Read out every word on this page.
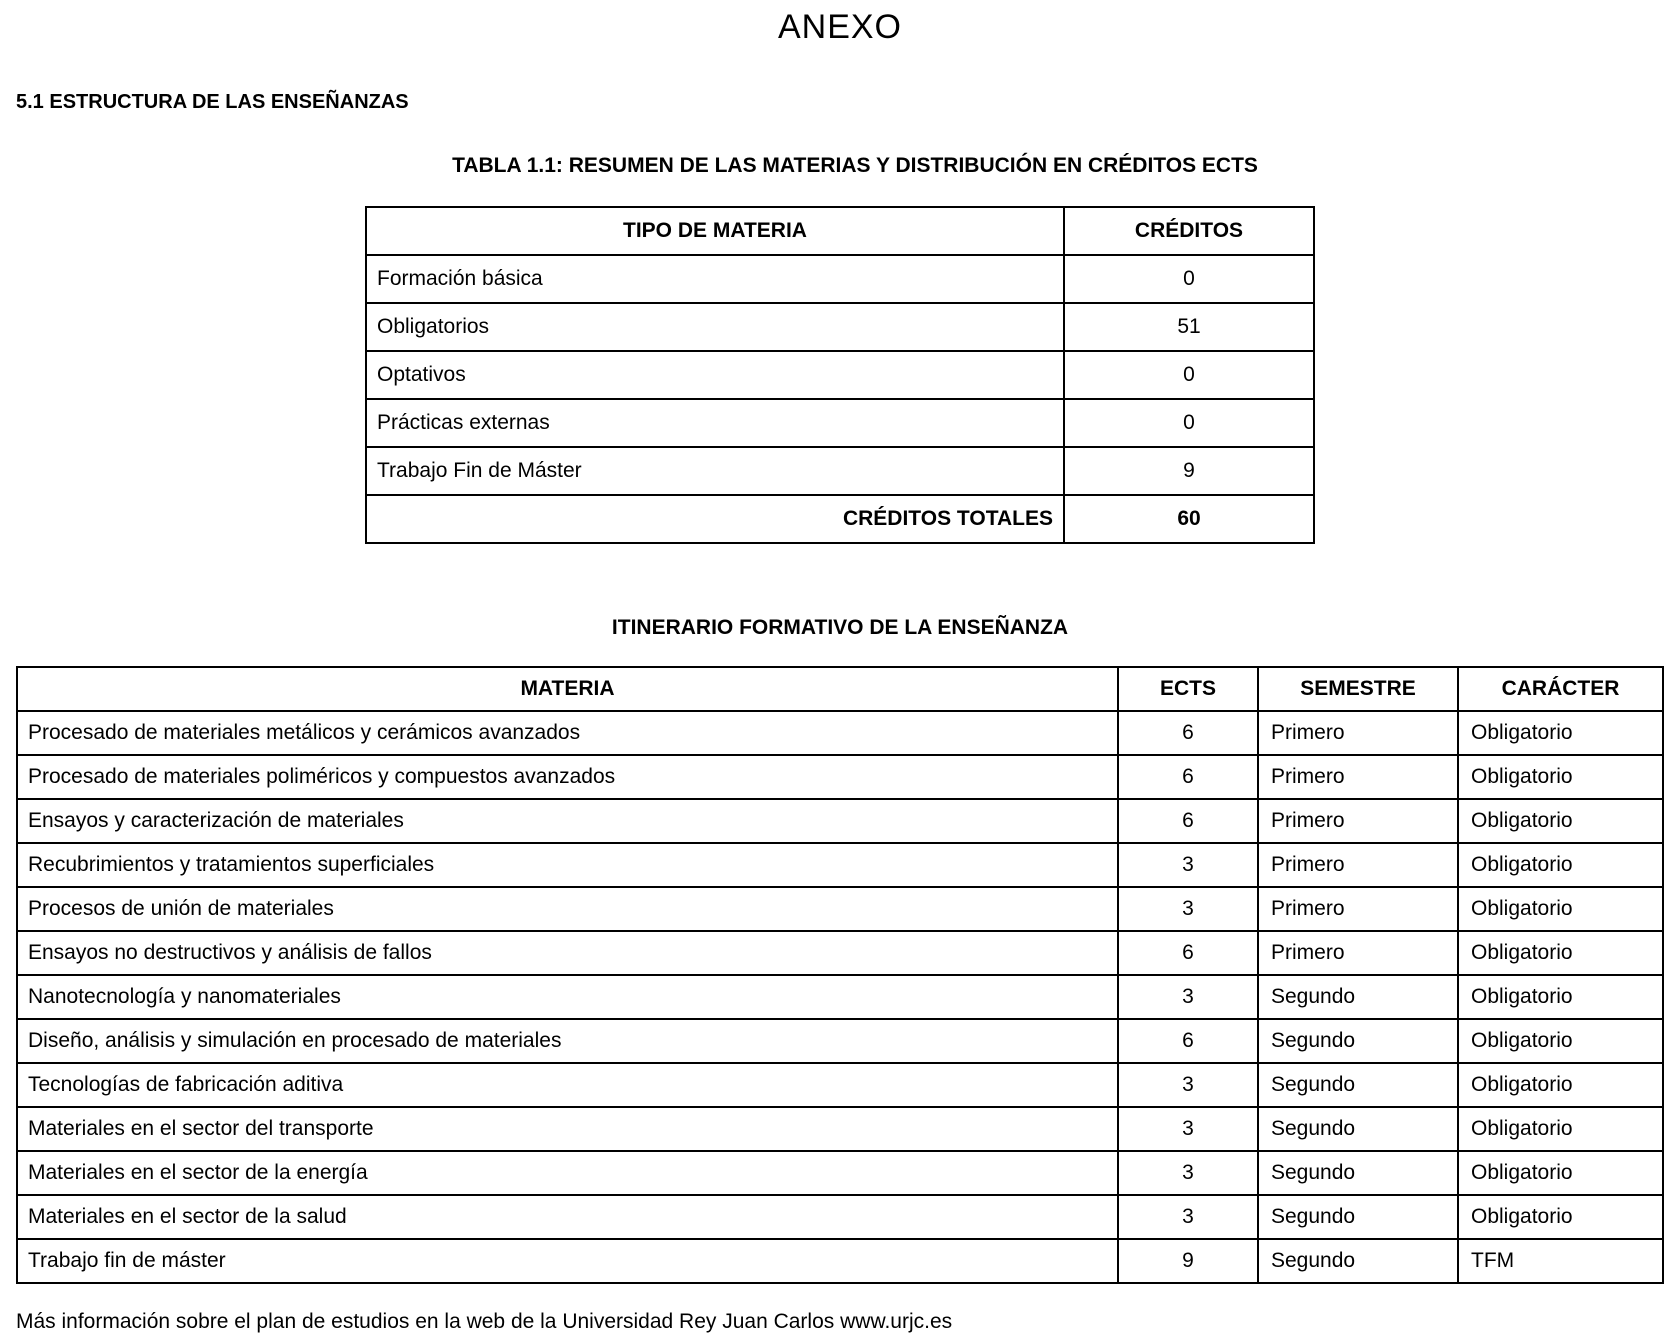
ANEXO
5.1 ESTRUCTURA DE LAS ENSEÑANZAS
TABLA 1.1: RESUMEN DE LAS MATERIAS Y DISTRIBUCIÓN EN CRÉDITOS ECTS
TIPO DE MATERIA	CRÉDITOS
Formación básica	0
Obligatorios	51
Optativos	0
Prácticas externas	0
Trabajo Fin de Máster	9
CRÉDITOS TOTALES	60
ITINERARIO FORMATIVO DE LA ENSEÑANZA
MATERIA	ECTS	SEMESTRE	CARÁCTER
Procesado de materiales metálicos y cerámicos avanzados	6	Primero	Obligatorio
Procesado de materiales poliméricos y compuestos avanzados	6	Primero	Obligatorio
Ensayos y caracterización de materiales	6	Primero	Obligatorio
Recubrimientos y tratamientos superficiales	3	Primero	Obligatorio
Procesos de unión de materiales	3	Primero	Obligatorio
Ensayos no destructivos y análisis de fallos	6	Primero	Obligatorio
Nanotecnología y nanomateriales	3	Segundo	Obligatorio
Diseño, análisis y simulación en procesado de materiales	6	Segundo	Obligatorio
Tecnologías de fabricación aditiva	3	Segundo	Obligatorio
Materiales en el sector del transporte	3	Segundo	Obligatorio
Materiales en el sector de la energía	3	Segundo	Obligatorio
Materiales en el sector de la salud	3	Segundo	Obligatorio
Trabajo fin de máster	9	Segundo	TFM
Más información sobre el plan de estudios en la web de la Universidad Rey Juan Carlos www.urjc.es
